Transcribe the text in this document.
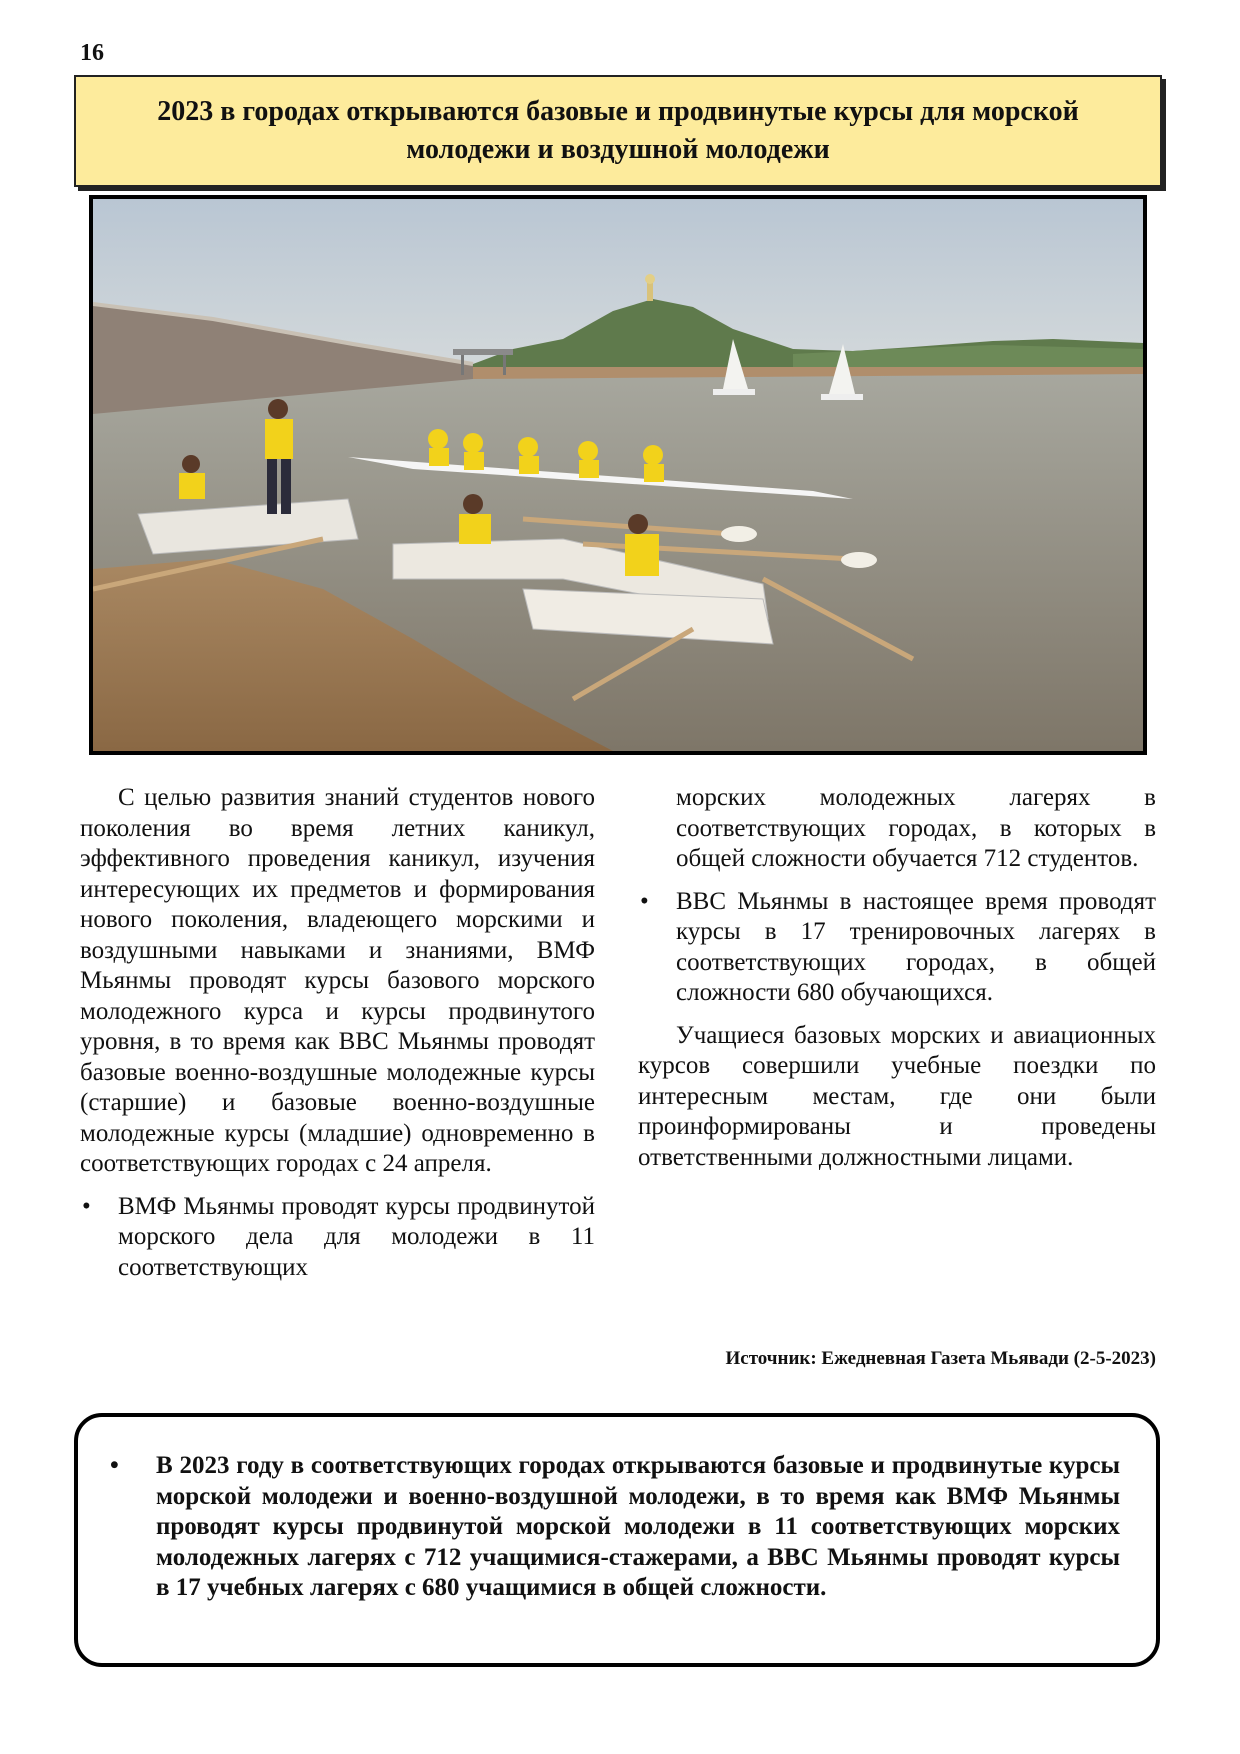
16
2023 в городах открываются базовые и продвинутые курсы для морской молодежи и воздушной молодежи

С целью развития знаний студентов нового поколения во время летних каникул, эффективного проведения каникул, изучения интересующих их предметов и формирования нового поколения, владеющего морскими и воздушными навыками и знаниями, ВМФ Мьянмы проводят курсы базового морского молодежного курса и курсы продвинутого уровня, в то время как ВВС Мьянмы проводят базовые военно-воздушные молодежные курсы (старшие) и базовые военно-воздушные молодежные курсы (младшие) одновременно в соответствующих городах с 24 апреля.

• ВМФ Мьянмы проводят курсы продвинутой морского дела для молодежи в 11 соответствующих

морских молодежных лагерях в соответствующих городах, в которых в общей сложности обучается 712 студентов.

• ВВС Мьянмы в настоящее время проводят курсы в 17 тренировочных лагерях в соответствующих городах, в общей сложности 680 обучающихся.

Учащиеся базовых морских и авиационных курсов совершили учебные поездки по интересным местам, где они были проинформированы и проведены ответственными должностными лицами.

Источник: Ежедневная Газета Мьявади (2-5-2023)
• В 2023 году в соответствующих городах открываются базовые и продвинутые курсы морской молодежи и военно-воздушной молодежи, в то время как ВМФ Мьянмы проводят курсы продвинутой морской молодежи в 11 соответствующих морских молодежных лагерях с 712 учащимися-стажерами, а ВВС Мьянмы проводят курсы в 17 учебных лагерях с 680 учащимися в общей сложности.
